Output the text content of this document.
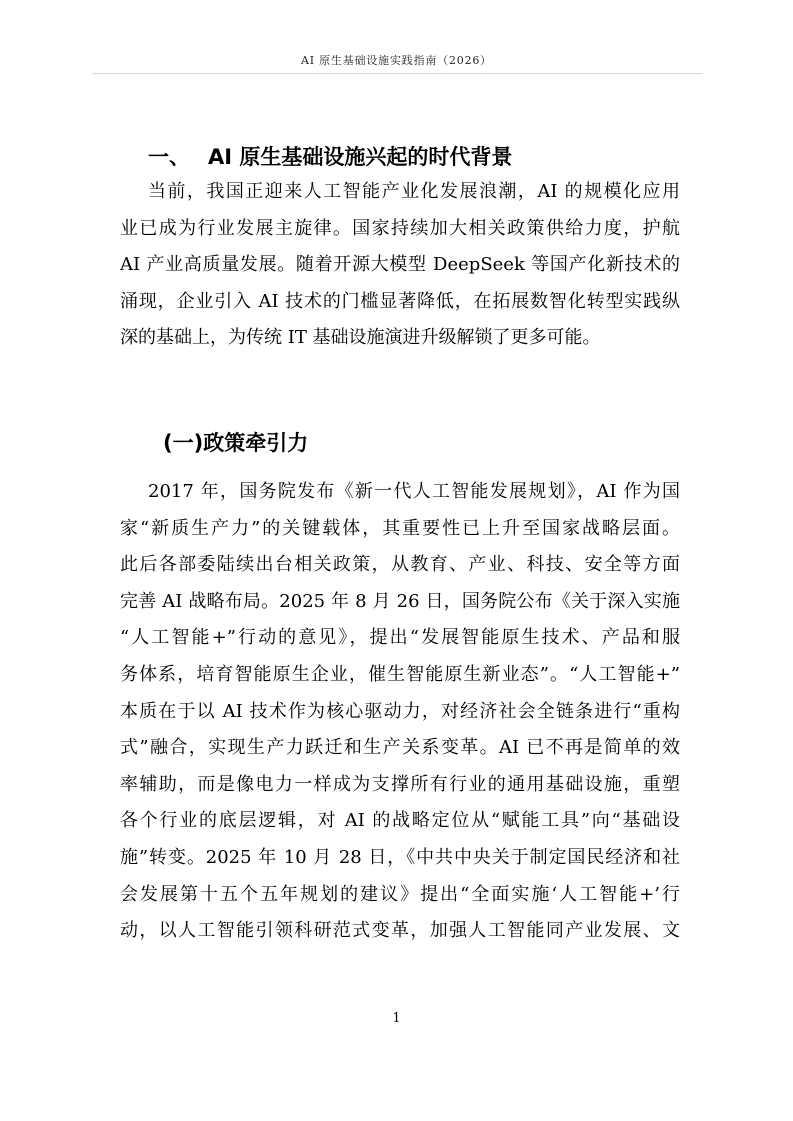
AI 原生基础设施实践指南（2026）
一、 AI 原生基础设施兴起的时代背景
当前，我国正迎来人工智能产业化发展浪潮，AI 的规模化应用
业已成为行业发展主旋律。国家持续加大相关政策供给力度，护航
AI 产业高质量发展。随着开源大模型 DeepSeek 等国产化新技术的
涌现，企业引入 AI 技术的门槛显著降低，在拓展数智化转型实践纵
深的基础上，为传统 IT 基础设施演进升级解锁了更多可能。
(一)政策牵引力
2017 年，国务院发布《新一代人工智能发展规划》，AI 作为国
家“新质生产力”的关键载体，其重要性已上升至国家战略层面。
此后各部委陆续出台相关政策，从教育、产业、科技、安全等方面
完善 AI 战略布局。2025 年 8 月 26 日，国务院公布《关于深入实施
“人工智能+”行动的意见》，提出“发展智能原生技术、产品和服
务体系，培育智能原生企业，催生智能原生新业态”。“人工智能+”
本质在于以 AI 技术作为核心驱动力，对经济社会全链条进行“重构
式”融合，实现生产力跃迁和生产关系变革。AI 已不再是简单的效
率辅助，而是像电力一样成为支撑所有行业的通用基础设施，重塑
各个行业的底层逻辑，对 AI 的战略定位从“赋能工具”向“基础设
施”转变。2025 年 10 月 28 日，《中共中央关于制定国民经济和社
会发展第十五个五年规划的建议》提出“全面实施‘人工智能+’行
动，以人工智能引领科研范式变革，加强人工智能同产业发展、文
1
